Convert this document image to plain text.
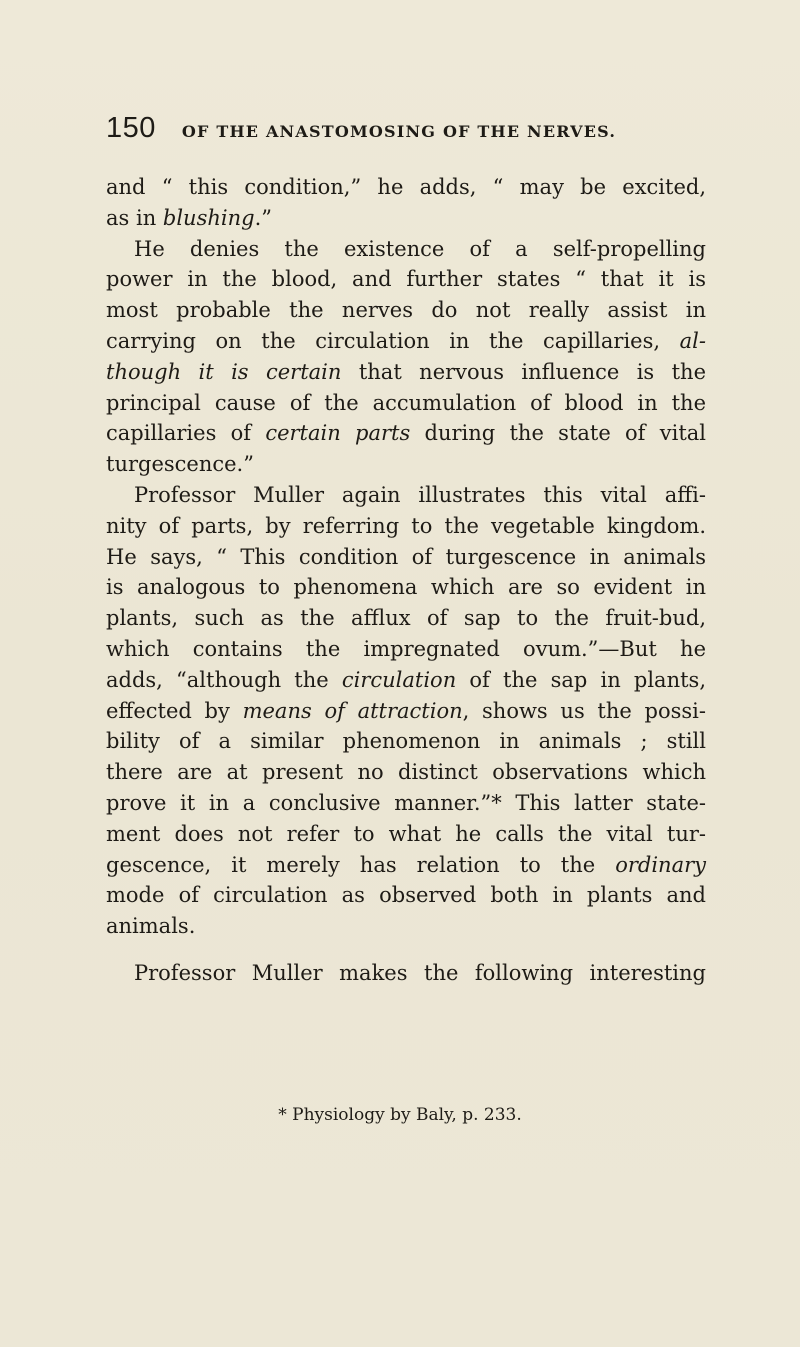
150 OF THE ANASTOMOSING OF THE NERVES.
and “ this condition,” he adds, “ may be excited,
as in blushing.”
He denies the existence of a self-propelling
power in the blood, and further states “ that it is
most probable the nerves do not really assist in
carrying on the circulation in the capillaries, al-
though it is certain that nervous influence is the
principal cause of the accumulation of blood in the
capillaries of certain parts during the state of vital
turgescence.”
Professor Muller again illustrates this vital affi-
nity of parts, by referring to the vegetable kingdom.
He says, “ This condition of turgescence in animals
is analogous to phenomena which are so evident in
plants, such as the afflux of sap to the fruit-bud,
which contains the impregnated ovum.”—But he
adds, “although the circulation of the sap in plants,
effected by means of attraction, shows us the possi-
bility of a similar phenomenon in animals ; still
there are at present no distinct observations which
prove it in a conclusive manner.”* This latter state-
ment does not refer to what he calls the vital tur-
gescence, it merely has relation to the ordinary
mode of circulation as observed both in plants and
animals.
Professor Muller makes the following interesting
* Physiology by Baly, p. 233.
